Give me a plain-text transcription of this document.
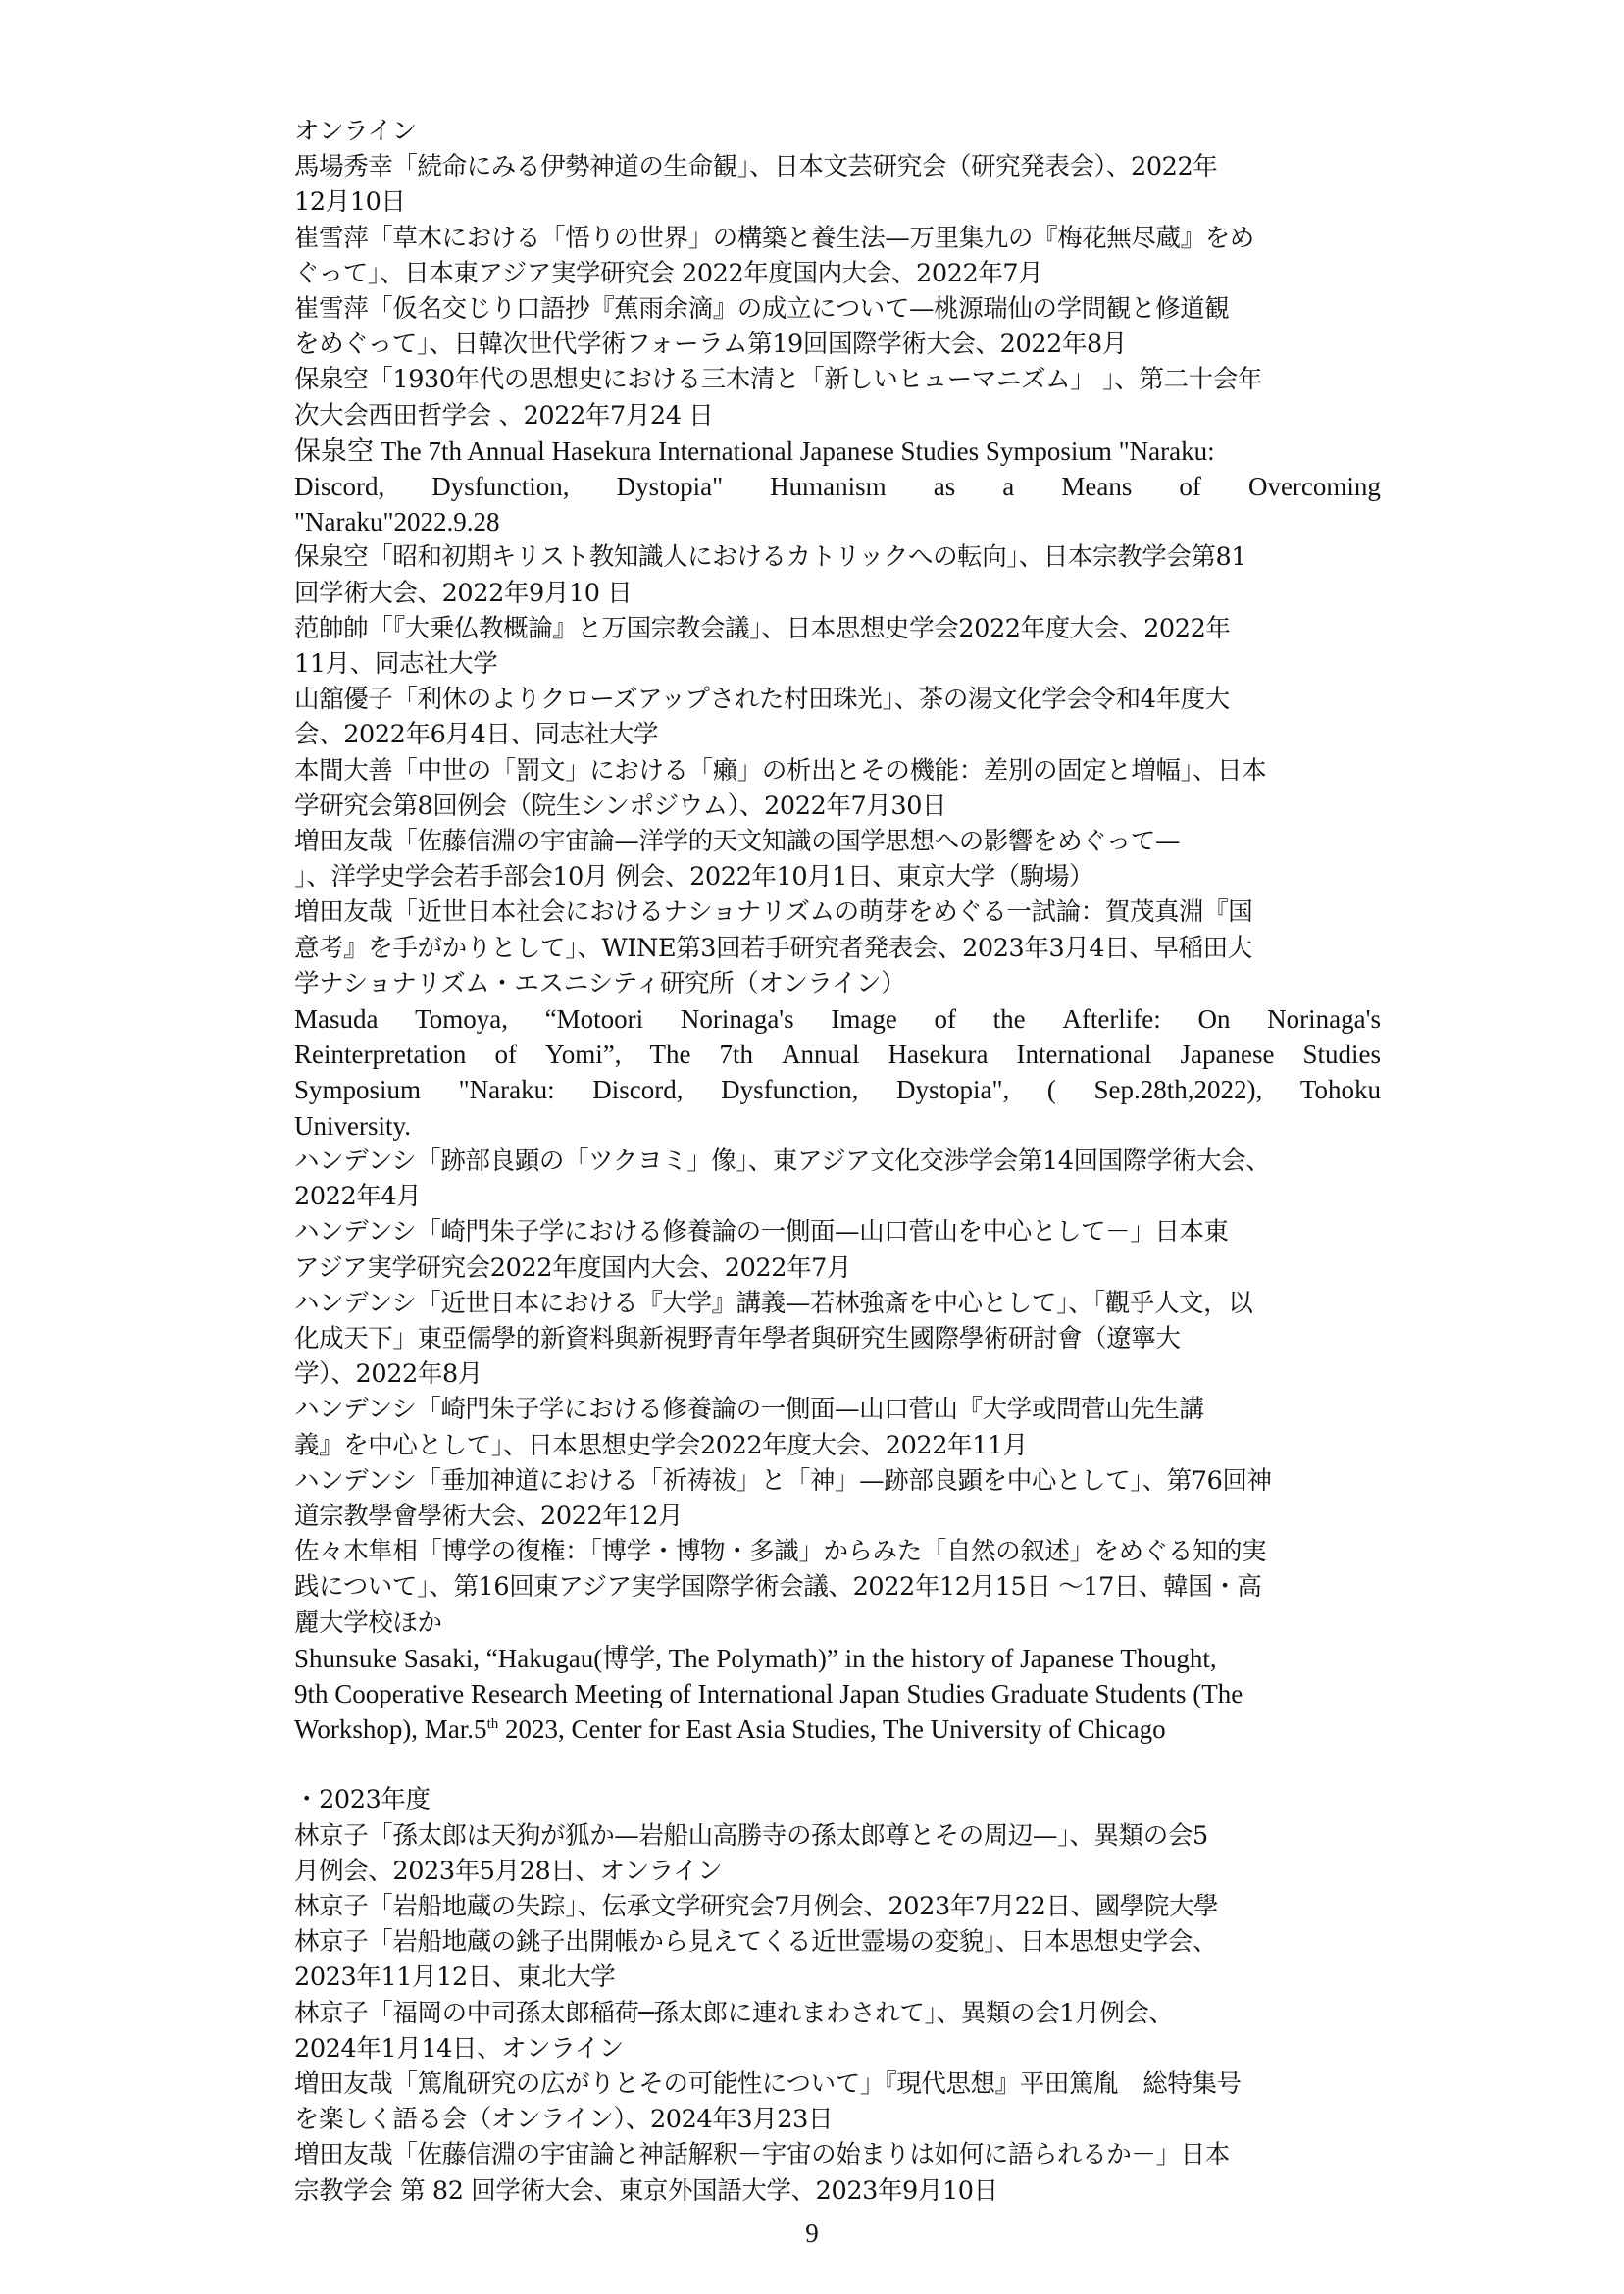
オンライン
馬場秀幸「続命にみる伊勢神道の生命観」、日本文芸研究会（研究発表会）、2022年
12月10日
崔雪萍「草木における「悟りの世界」の構築と養生法—万里集九の『梅花無尽蔵』をめ
ぐって」、日本東アジア実学研究会 2022年度国内大会、2022年7月
崔雪萍「仮名交じり口語抄『蕉雨余滴』の成立について—桃源瑞仙の学問観と修道観
をめぐって」、日韓次世代学術フォーラム第19回国際学術大会、2022年8月
保泉空「1930年代の思想史における三木清と「新しいヒューマニズム」 」、第二十会年
次大会西田哲学会 、2022年7月24 日
保泉空 The 7th Annual Hasekura International Japanese Studies Symposium "Naraku:
Discord, Dysfunction, Dystopia" Humanism as a Means of Overcoming
"Naraku"2022.9.28
保泉空「昭和初期キリスト教知識人におけるカトリックへの転向」、日本宗教学会第81
回学術大会、2022年9月10 日
范帥帥「『大乗仏教概論』と万国宗教会議」、日本思想史学会2022年度大会、2022年
11月、同志社大学
山舘優子「利休のよりクローズアップされた村田珠光」、茶の湯文化学会令和4年度大
会、2022年6月4日、同志社大学
本間大善「中世の「罰文」における「癩」の析出とその機能：差別の固定と増幅」、日本
学研究会第8回例会（院生シンポジウム）、2022年7月30日
増田友哉「佐藤信淵の宇宙論—洋学的天文知識の国学思想への影響をめぐって—
」、洋学史学会若手部会10月 例会、2022年10月1日、東京大学（駒場）
増田友哉「近世日本社会におけるナショナリズムの萌芽をめぐる一試論：賀茂真淵『国
意考』を手がかりとして」、WINE第3回若手研究者発表会、2023年3月4日、早稲田大
学ナショナリズム・エスニシティ研究所（オンライン）
Masuda Tomoya, “Motoori Norinaga's Image of the Afterlife: On Norinaga's
Reinterpretation of Yomi”, The 7th Annual Hasekura International Japanese Studies
Symposium "Naraku: Discord, Dysfunction, Dystopia", ( Sep.28th,2022), Tohoku
University.
ハンデンシ「跡部良顕の「ツクヨミ」像」、東アジア文化交渉学会第14回国際学術大会、
2022年4月
ハンデンシ「崎門朱子学における修養論の一側面—山口菅山を中心として－」日本東
アジア実学研究会2022年度国内大会、2022年7月
ハンデンシ「近世日本における『大学』講義—若林強斎を中心として」、「觀乎人文，以
化成天下」東亞儒學的新資料與新視野青年學者與研究生國際學術研討會（遼寧大
学）、2022年8月
ハンデンシ「崎門朱子学における修養論の一側面—山口菅山『大学或問菅山先生講
義』を中心として」、日本思想史学会2022年度大会、2022年11月
ハンデンシ「垂加神道における「祈祷祓」と「神」—跡部良顕を中心として」、第76回神
道宗教學會學術大会、2022年12月
佐々木隼相「博学の復権：「博学・博物・多識」からみた「自然の叙述」をめぐる知的実
践について」、第16回東アジア実学国際学術会議、2022年12月15日 ～17日、韓国・高
麗大学校ほか
Shunsuke Sasaki, “Hakugau(博学, The Polymath)” in the history of Japanese Thought,
9th Cooperative Research Meeting of International Japan Studies Graduate Students (The
Workshop), Mar.5th 2023, Center for East Asia Studies, The University of Chicago
・2023年度
林京子「孫太郎は天狗が狐か—岩船山高勝寺の孫太郎尊とその周辺—」、異類の会5
月例会、2023年5月28日、オンライン
林京子「岩船地蔵の失踪」、伝承文学研究会7月例会、2023年7月22日、國學院大學
林京子「岩船地蔵の銚子出開帳から見えてくる近世霊場の変貌」、日本思想史学会、
2023年11月12日、東北大学
林京子「福岡の中司孫太郎稲荷─孫太郎に連れまわされて」、異類の会1月例会、
2024年1月14日、オンライン
増田友哉「篤胤研究の広がりとその可能性について」『現代思想』平田篤胤　総特集号
を楽しく語る会（オンライン）、2024年3月23日
増田友哉「佐藤信淵の宇宙論と神話解釈－宇宙の始まりは如何に語られるか－」日本
宗教学会 第 82 回学術大会、東京外国語大学、2023年9月10日
9
